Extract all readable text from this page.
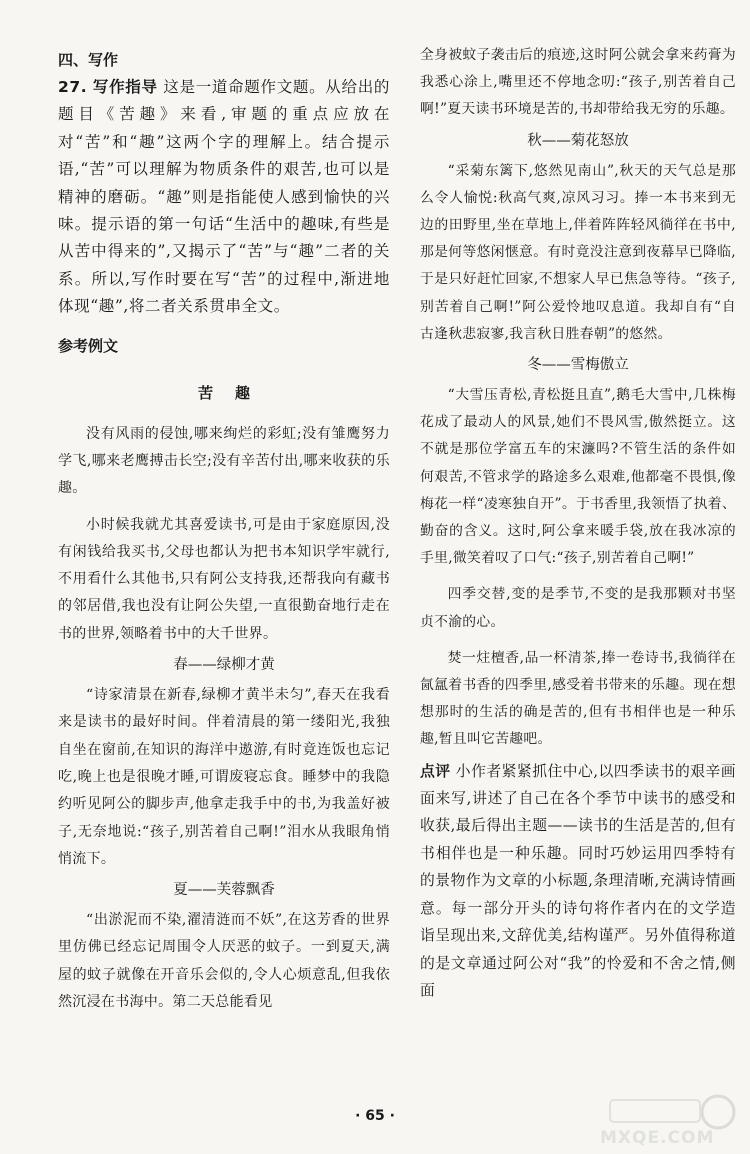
四、写作

27. 写作指导 这是一道命题作文题。从给出的题目《苦趣》来看,审题的重点应放在对“苦”和“趣”这两个字的理解上。结合提示语,“苦”可以理解为物质条件的艰苦,也可以是精神的磨砺。“趣”则是指能使人感到愉快的兴味。提示语的第一句话“生活中的趣味,有些是从苦中得来的”,又揭示了“苦”与“趣”二者的关系。所以,写作时要在写“苦”的过程中,渐进地体现“趣”,将二者关系贯串全文。

参考例文
苦趣

没有风雨的侵蚀,哪来绚烂的彩虹;没有雏鹰努力学飞,哪来老鹰搏击长空;没有辛苦付出,哪来收获的乐趣。

小时候我就尤其喜爱读书,可是由于家庭原因,没有闲钱给我买书,父母也都认为把书本知识学牢就行,不用看什么其他书,只有阿公支持我,还帮我向有藏书的邻居借,我也没有让阿公失望,一直很勤奋地行走在书的世界,领略着书中的大千世界。

春——绿柳才黄

“诗家清景在新春,绿柳才黄半未匀”,春天在我看来是读书的最好时间。伴着清晨的第一缕阳光,我独自坐在窗前,在知识的海洋中遨游,有时竟连饭也忘记吃,晚上也是很晚才睡,可谓废寝忘食。睡梦中的我隐约听见阿公的脚步声,他拿走我手中的书,为我盖好被子,无奈地说:“孩子,别苦着自己啊!”泪水从我眼角悄悄流下。

夏——芙蓉飘香

“出淤泥而不染,濯清涟而不妖”,在这芳香的世界里仿佛已经忘记周围令人厌恶的蚊子。一到夏天,满屋的蚊子就像在开音乐会似的,令人心烦意乱,但我依然沉浸在书海中。第二天总能看见

全身被蚊子袭击后的痕迹,这时阿公就会拿来药膏为我悉心涂上,嘴里还不停地念叨:“孩子,别苦着自己啊!”夏天读书环境是苦的,书却带给我无穷的乐趣。

秋——菊花怒放

“采菊东篱下,悠然见南山”,秋天的天气总是那么令人愉悦:秋高气爽,凉风习习。捧一本书来到无边的田野里,坐在草地上,伴着阵阵轻风徜徉在书中,那是何等悠闲惬意。有时竟没注意到夜幕早已降临,于是只好赶忙回家,不想家人早已焦急等待。“孩子,别苦着自己啊!”阿公爱怜地叹息道。我却自有“自古逢秋悲寂寥,我言秋日胜春朝”的悠然。

冬——雪梅傲立

“大雪压青松,青松挺且直”,鹅毛大雪中,几株梅花成了最动人的风景,她们不畏风雪,傲然挺立。这不就是那位学富五车的宋濂吗?不管生活的条件如何艰苦,不管求学的路途多么艰难,他都毫不畏惧,像梅花一样“凌寒独自开”。于书香里,我领悟了执着、勤奋的含义。这时,阿公拿来暖手袋,放在我冰凉的手里,微笑着叹了口气:“孩子,别苦着自己啊!”

四季交替,变的是季节,不变的是我那颗对书坚贞不渝的心。

焚一炷檀香,品一杯清茶,捧一卷诗书,我徜徉在氤氲着书香的四季里,感受着书带来的乐趣。现在想想那时的生活的确是苦的,但有书相伴也是一种乐趣,暂且叫它苦趣吧。

点评 小作者紧紧抓住中心,以四季读书的艰辛画面来写,讲述了自己在各个季节中读书的感受和收获,最后得出主题——读书的生活是苦的,但有书相伴也是一种乐趣。同时巧妙运用四季特有的景物作为文章的小标题,条理清晰,充满诗情画意。每一部分开头的诗句将作者内在的文学造诣呈现出来,文辞优美,结构谨严。另外值得称道的是文章通过阿公对“我”的怜爱和不舍之情,侧面

· 65 ·
MXQE.COM
